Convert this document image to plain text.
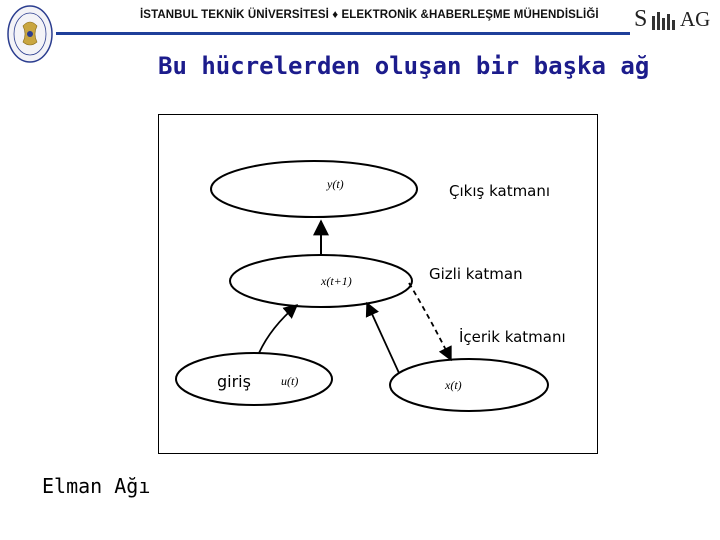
İSTANBUL TEKNİK ÜNİVERSİTESİ ♦ ELEKTRONİK &HABERLEŞME MÜHENDİSLİĞİ S AG
Bu hücrelerden oluşan bir başka ağ
y(t)	Çıkış katmanı
x(t+1)	Gizli katman
giriş	u(t)	x(t)
İçerik katmanı
Elman Ağı
